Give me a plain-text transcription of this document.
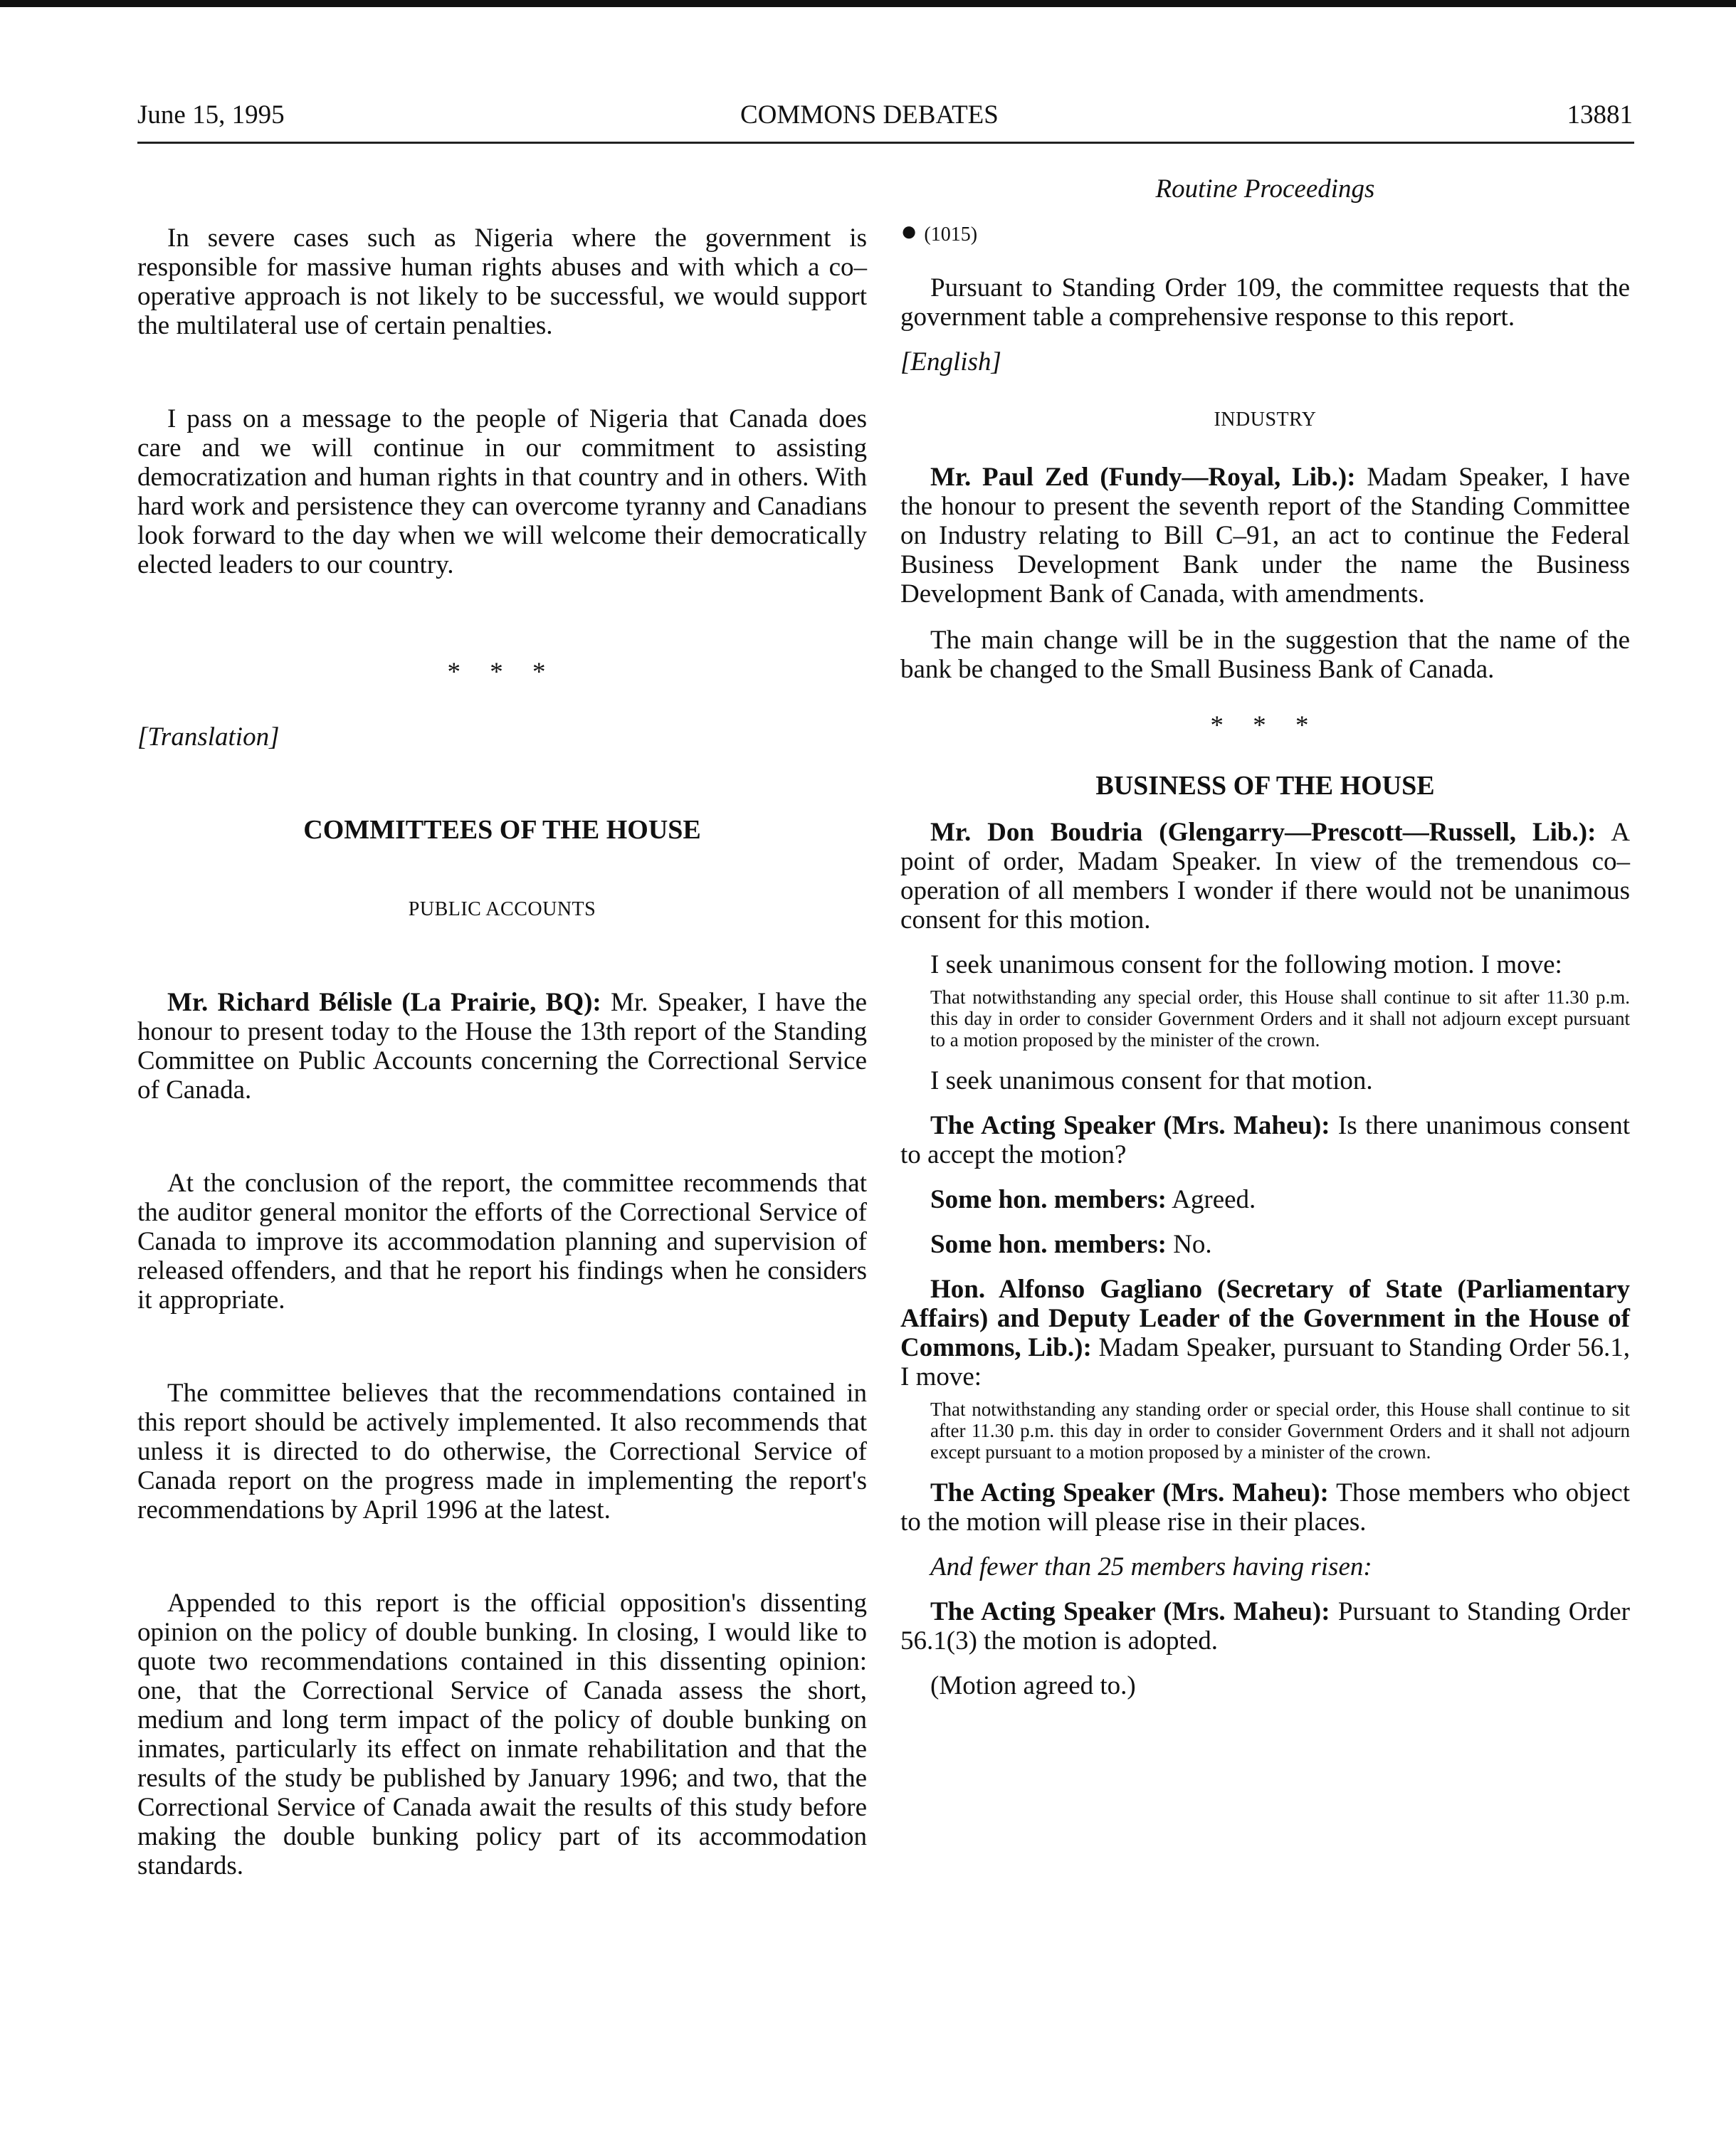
June 15, 1995	COMMONS DEBATES	13881

In severe cases such as Nigeria where the government is responsible for massive human rights abuses and with which a co–operative approach is not likely to be successful, we would support the multilateral use of certain penalties.

I pass on a message to the people of Nigeria that Canada does care and we will continue in our commitment to assisting democratization and human rights in that country and in others. With hard work and persistence they can overcome tyranny and Canadians look forward to the day when we will welcome their democratically elected leaders to our country.

* * *

[Translation]

COMMITTEES OF THE HOUSE

PUBLIC ACCOUNTS

Mr. Richard Bélisle (La Prairie, BQ): Mr. Speaker, I have the honour to present today to the House the 13th report of the Standing Committee on Public Accounts concerning the Correctional Service of Canada.

At the conclusion of the report, the committee recommends that the auditor general monitor the efforts of the Correctional Service of Canada to improve its accommodation planning and supervision of released offenders, and that he report his findings when he considers it appropriate.

The committee believes that the recommendations contained in this report should be actively implemented. It also recommends that unless it is directed to do otherwise, the Correctional Service of Canada report on the progress made in implementing the report's recommendations by April 1996 at the latest.

Appended to this report is the official opposition's dissenting opinion on the policy of double bunking. In closing, I would like to quote two recommendations contained in this dissenting opinion: one, that the Correctional Service of Canada assess the short, medium and long term impact of the policy of double bunking on inmates, particularly its effect on inmate rehabilitation and that the results of the study be published by January 1996; and two, that the Correctional Service of Canada await the results of this study before making the double bunking policy part of its accommodation standards.

Routine Proceedings

● (1015)

Pursuant to Standing Order 109, the committee requests that the government table a comprehensive response to this report.

[English]

INDUSTRY

Mr. Paul Zed (Fundy—Royal, Lib.): Madam Speaker, I have the honour to present the seventh report of the Standing Committee on Industry relating to Bill C–91, an act to continue the Federal Business Development Bank under the name the Business Development Bank of Canada, with amendments.

The main change will be in the suggestion that the name of the bank be changed to the Small Business Bank of Canada.

* * *

BUSINESS OF THE HOUSE

Mr. Don Boudria (Glengarry—Prescott—Russell, Lib.): A point of order, Madam Speaker. In view of the tremendous co–operation of all members I wonder if there would not be unanimous consent for this motion.

I seek unanimous consent for the following motion. I move:

That notwithstanding any special order, this House shall continue to sit after 11.30 p.m. this day in order to consider Government Orders and it shall not adjourn except pursuant to a motion proposed by the minister of the crown.

I seek unanimous consent for that motion.

The Acting Speaker (Mrs. Maheu): Is there unanimous consent to accept the motion?

Some hon. members: Agreed.

Some hon. members: No.

Hon. Alfonso Gagliano (Secretary of State (Parliamentary Affairs) and Deputy Leader of the Government in the House of Commons, Lib.): Madam Speaker, pursuant to Standing Order 56.1, I move:

That notwithstanding any standing order or special order, this House shall continue to sit after 11.30 p.m. this day in order to consider Government Orders and it shall not adjourn except pursuant to a motion proposed by a minister of the crown.

The Acting Speaker (Mrs. Maheu): Those members who object to the motion will please rise in their places.

And fewer than 25 members having risen:

The Acting Speaker (Mrs. Maheu): Pursuant to Standing Order 56.1(3) the motion is adopted.

(Motion agreed to.)
